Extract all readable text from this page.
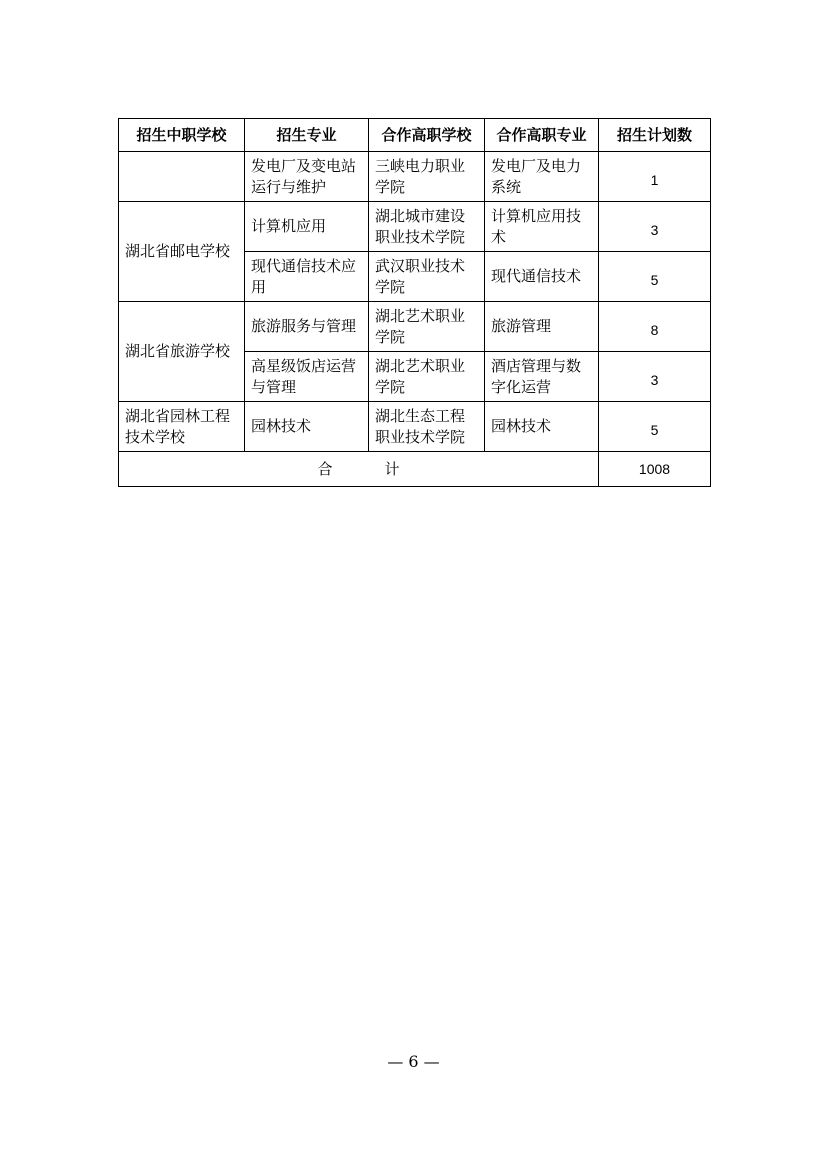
招生中职学校	招生专业	合作高职学校	合作高职专业	招生计划数
	发电厂及变电站运行与维护	三峡电力职业学院	发电厂及电力系统	1
湖北省邮电学校	计算机应用	湖北城市建设职业技术学院	计算机应用技术	3
	现代通信技术应用	武汉职业技术学院	现代通信技术	5
湖北省旅游学校	旅游服务与管理	湖北艺术职业学院	旅游管理	8
	高星级饭店运营与管理	湖北艺术职业学院	酒店管理与数字化运营	3
湖北省园林工程技术学校	园林技术	湖北生态工程职业技术学院	园林技术	5
合 计				1008
— 6 —
